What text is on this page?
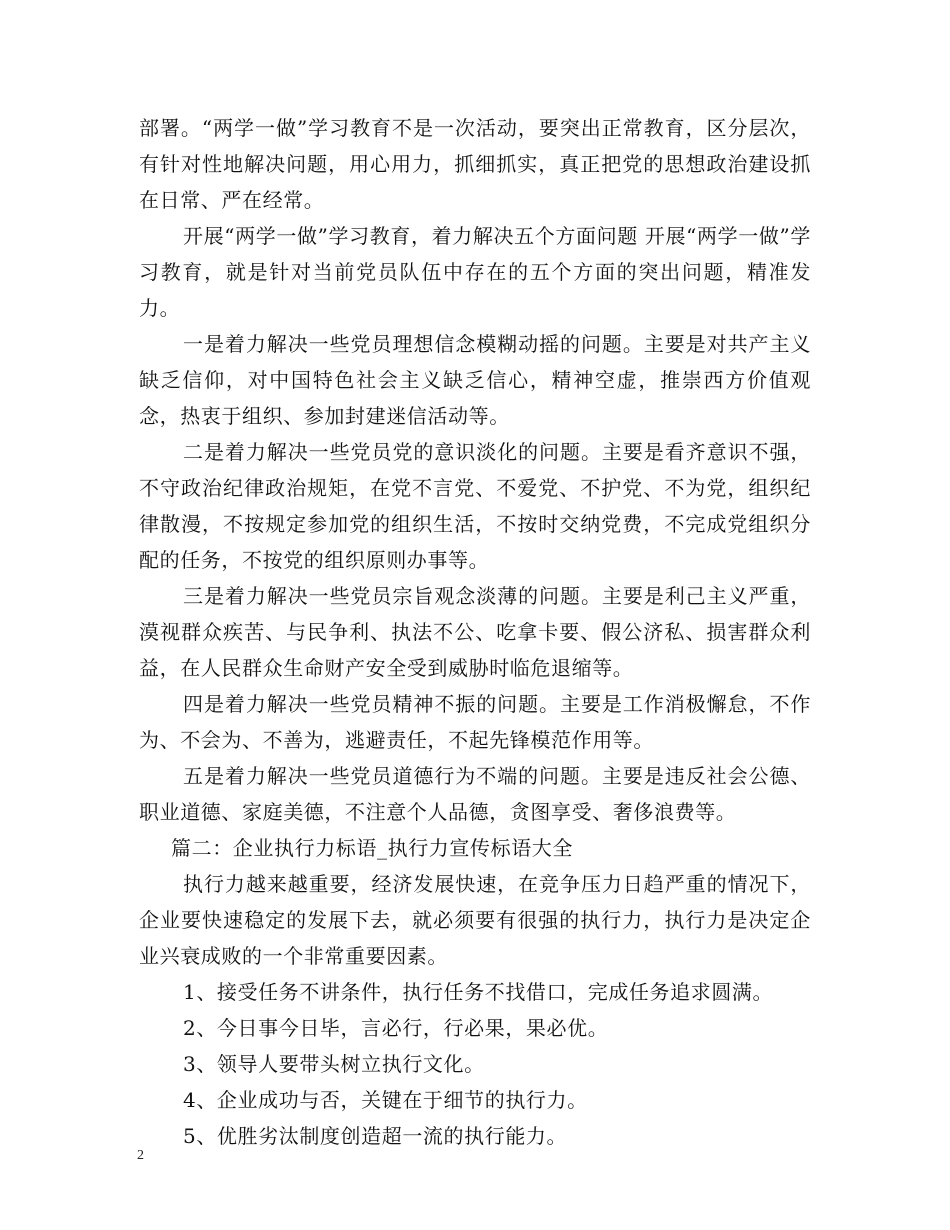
部署。“两学一做”学习教育不是一次活动，要突出正常教育，区分层次，有针对性地解决问题，用心用力，抓细抓实，真正把党的思想政治建设抓在日常、严在经常。

开展“两学一做”学习教育，着力解决五个方面问题 开展“两学一做”学习教育，就是针对当前党员队伍中存在的五个方面的突出问题，精准发力。

一是着力解决一些党员理想信念模糊动摇的问题。主要是对共产主义缺乏信仰，对中国特色社会主义缺乏信心，精神空虚，推崇西方价值观念，热衷于组织、参加封建迷信活动等。

二是着力解决一些党员党的意识淡化的问题。主要是看齐意识不强，不守政治纪律政治规矩，在党不言党、不爱党、不护党、不为党，组织纪律散漫，不按规定参加党的组织生活，不按时交纳党费，不完成党组织分配的任务，不按党的组织原则办事等。

三是着力解决一些党员宗旨观念淡薄的问题。主要是利己主义严重，漠视群众疾苦、与民争利、执法不公、吃拿卡要、假公济私、损害群众利益，在人民群众生命财产安全受到威胁时临危退缩等。

四是着力解决一些党员精神不振的问题。主要是工作消极懈怠，不作为、不会为、不善为，逃避责任，不起先锋模范作用等。

五是着力解决一些党员道德行为不端的问题。主要是违反社会公德、职业道德、家庭美德，不注意个人品德，贪图享受、奢侈浪费等。

篇二：企业执行力标语_执行力宣传标语大全

执行力越来越重要，经济发展快速，在竞争压力日趋严重的情况下，企业要快速稳定的发展下去，就必须要有很强的执行力，执行力是决定企业兴衰成败的一个非常重要因素。

1、接受任务不讲条件，执行任务不找借口，完成任务追求圆满。

2、今日事今日毕，言必行，行必果，果必优。

3、领导人要带头树立执行文化。

4、企业成功与否，关键在于细节的执行力。

5、优胜劣汰制度创造超一流的执行能力。

2
